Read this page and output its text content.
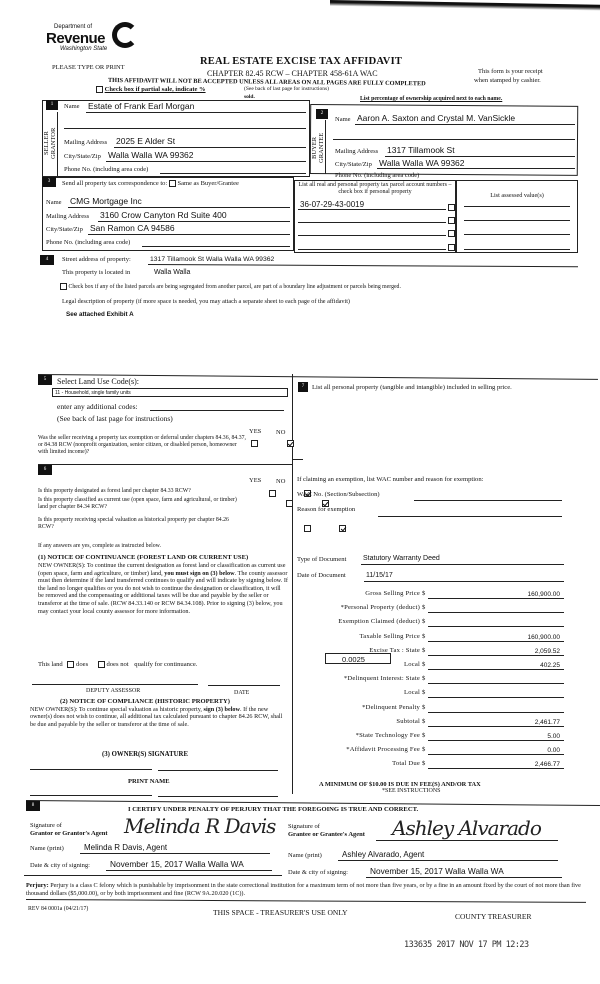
Department of
Revenue
Washington State
PLEASE TYPE OR PRINT
REAL ESTATE EXCISE TAX AFFIDAVIT
CHAPTER 82.45 RCW – CHAPTER 458-61A WAC
THIS AFFIDAVIT WILL NOT BE ACCEPTED UNLESS ALL AREAS ON ALL PAGES ARE FULLY COMPLETED
This form is your receipt
when stamped by cashier.
Check box if partial sale, indicate %	(See back of last page for instructions)
sold.	List percentage of ownership acquired next to each name.
1
SELLER GRANTOR
Name Estate of Frank Earl Morgan
Mailing Address 2025 E Alder St
City/State/Zip Walla Walla WA 99362
Phone No. (including area code)
2
BUYER GRANTEE
Name Aaron A. Saxton and Crystal M. VanSickle
Mailing Address 1317 Tillamook St
City/State/Zip Walla Walla WA 99362
Phone No. (including area code)
3	Send all property tax correspondence to: Same as Buyer/Grantee
Name CMG Mortgage Inc
Mailing Address 3160 Crow Canyton Rd Suite 400
City/State/Zip San Ramon CA 94586
Phone No. (including area code)
List all real and personal property tax parcel account numbers – check box if personal property	List assessed value(s)
36-07-29-43-0019
4	Street address of property:	1317 Tillamook St Walla Walla WA 99362
This property is located in	Walla Walla
Check box if any of the listed parcels are being segregated from another parcel, are part of a boundary line adjustment or parcels being merged.
Legal description of property (if more space is needed, you may attach a separate sheet to each page of the affidavit)
See attached Exhibit A
5	Select Land Use Code(s):
11 - Household, single family units
enter any additional codes:
(See back of last page for instructions)
YES NO
Was the seller receiving a property tax exemption or deferral under chapters 84.36, 84.37, or 84.38 RCW (nonprofit organization, senior citizen, or disabled person, homeowner with limited income)?

6
YES NO
Is this property designated as forest land per chapter 84.33 RCW?

Is this property classified as current use (open space, farm and agricultural, or timber) land per chapter 84.34 RCW?

Is this property receiving special valuation as historical property per chapter 84.26 RCW?

If any answers are yes, complete as instructed below.
(1) NOTICE OF CONTINUANCE (FOREST LAND OR CURRENT USE)
NEW OWNER(S): To continue the current designation as forest land or classification as current use (open space, farm and agriculture, or timber) land, you must sign on (3) below. The county assessor must then determine if the land transferred continues to qualify and will indicate by signing below. If the land no longer qualifies or you do not wish to continue the designation or classification, it will be removed and the compensating or additional taxes will be due and payable by the seller or transferor at the time of sale. (RCW 84.33.140 or RCW 84.34.108). Prior to signing (3) below, you may contact your local county assessor for more information.
This land does	does not qualify for continuance.
DEPUTY ASSESSOR	DATE
(2) NOTICE OF COMPLIANCE (HISTORIC PROPERTY)
NEW OWNER(S): To continue special valuation as historic property, sign (3) below. If the new owner(s) does not wish to continue, all additional tax calculated pursuant to chapter 84.26 RCW, shall be due and payable by the seller or transferor at the time of sale.
(3) OWNER(S) SIGNATURE
PRINT NAME
7	List all personal property (tangible and intangible) included in selling price.
If claiming an exemption, list WAC number and reason for exemption:
WAC No. (Section/Subsection)
Reason for exemption
Type of Document Statutory Warranty Deed
Date of Document	11/15/17
0.0025
Gross Selling Price $	160,900.00
*Personal Property (deduct) $
Exemption Claimed (deduct) $
Taxable Selling Price $	160,900.00
Excise Tax : State $	2,059.52
Local $	402.25
*Delinquent Interest: State $
Local $
*Delinquent Penalty $
Subtotal $	2,461.77
*State Technology Fee $	5.00
*Affidavit Processing Fee $	0.00
Total Due $	2,466.77
A MINIMUM OF $10.00 IS DUE IN FEE(S) AND/OR TAX
*SEE INSTRUCTIONS
8
I CERTIFY UNDER PENALTY OF PERJURY THAT THE FOREGOING IS TRUE AND CORRECT.
Signature of
Grantor or Grantor's Agent Melinda R Davis
Name (print)	Melinda R Davis, Agent
Date & city of signing: November 15, 2017 Walla Walla WA
Signature of
Grantee or Grantee's Agent Ashley Alvarado
Name (print)	Ashley Alvarado, Agent
Date & city of signing:	November 15, 2017 Walla Walla WA
Perjury: Perjury is a class C felony which is punishable by imprisonment in the state correctional institution for a maximum term of not more than five years, or by a fine in an amount fixed by the court of not more than five thousand dollars ($5,000.00), or by both imprisonment and fine (RCW 9A.20.020 (1C)).
REV 84 0001a (04/21/17)	THIS SPACE - TREASURER'S USE ONLY	COUNTY TREASURER
133635 2017 NOV 17 PM 12:23
